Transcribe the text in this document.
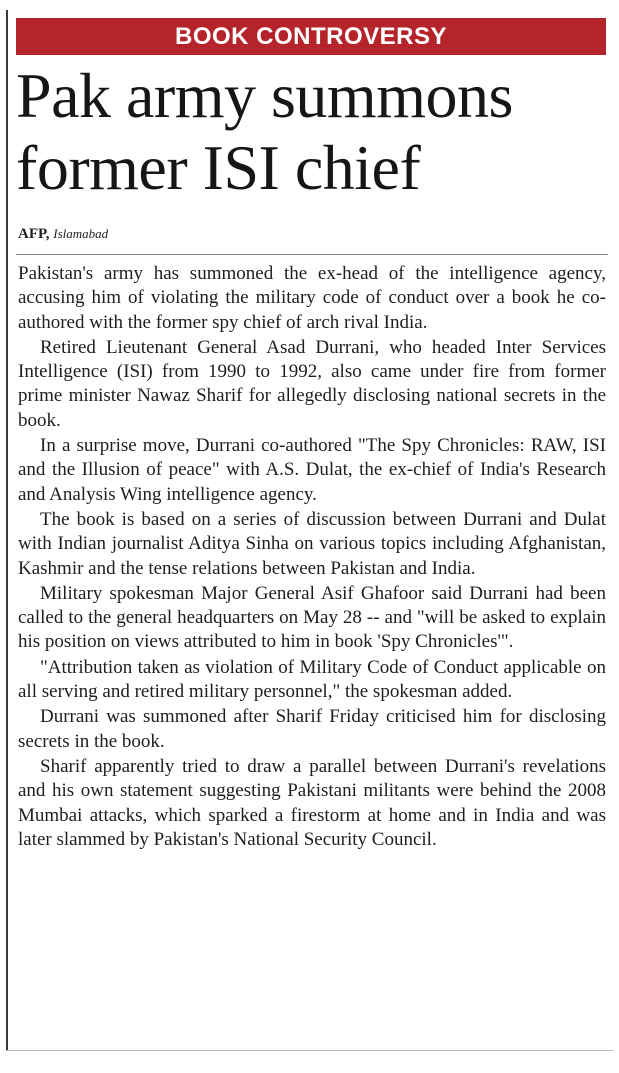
BOOK CONTROVERSY
Pak army summons former ISI chief
AFP, Islamabad

Pakistan's army has summoned the ex-head of the intelligence agency, accusing him of violating the military code of conduct over a book he co-authored with the former spy chief of arch rival India.

Retired Lieutenant General Asad Durrani, who headed Inter Services Intelligence (ISI) from 1990 to 1992, also came under fire from former prime minister Nawaz Sharif for allegedly disclosing national secrets in the book.

In a surprise move, Durrani co-authored "The Spy Chronicles: RAW, ISI and the Illusion of peace" with A.S. Dulat, the ex-chief of India's Research and Analysis Wing intelligence agency.

The book is based on a series of discussion between Durrani and Dulat with Indian journalist Aditya Sinha on various topics including Afghanistan, Kashmir and the tense relations between Pakistan and India.

Military spokesman Major General Asif Ghafoor said Durrani had been called to the general headquarters on May 28 -- and "will be asked to explain his position on views attributed to him in book 'Spy Chronicles'".

"Attribution taken as violation of Military Code of Conduct applicable on all serving and retired military personnel," the spokesman added.

Durrani was summoned after Sharif Friday criticised him for disclosing secrets in the book.

Sharif apparently tried to draw a parallel between Durrani's revelations and his own statement suggesting Pakistani militants were behind the 2008 Mumbai attacks, which sparked a firestorm at home and in India and was later slammed by Pakistan's National Security Council.
